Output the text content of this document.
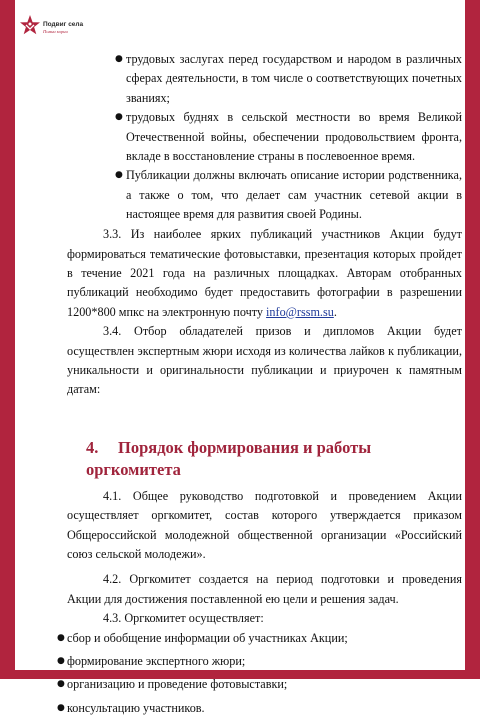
Подвиг села
Помни корни
● трудовых заслугах перед государством и народом в различных сферах деятельности, в том числе о соответствующих почетных званиях;
● трудовых буднях в сельской местности во время Великой Отечественной войны, обеспечении продовольствием фронта, вкладе в восстановление страны в послевоенное время.
● Публикации должны включать описание истории родственника, а также о том, что делает сам участник сетевой акции в настоящее время для развития своей Родины.

3.3. Из наиболее ярких публикаций участников Акции будут формироваться тематические фотовыставки, презентация которых пройдет в течение 2021 года на различных площадках. Авторам отобранных публикаций необходимо будет предоставить фотографии в разрешении 1200*800 мпкс на электронную почту info@rssm.su.

3.4. Отбор обладателей призов и дипломов Акции будет осуществлен экспертным жюри исходя из количества лайков к публикации, уникальности и оригинальности публикации и приурочен к памятным датам:

4. Порядок формирования и работы оргкомитета

4.1. Общее руководство подготовкой и проведением Акции осуществляет оргкомитет, состав которого утверждается приказом Общероссийской молодежной общественной организации «Российский союз сельской молодежи».

4.2. Оргкомитет создается на период подготовки и проведения Акции для достижения поставленной ею цели и решения задач.

4.3. Оргкомитет осуществляет:

● сбор и обобщение информации об участниках Акции;
● формирование экспертного жюри;
● организацию и проведение фотовыставки;
● консультацию участников.
